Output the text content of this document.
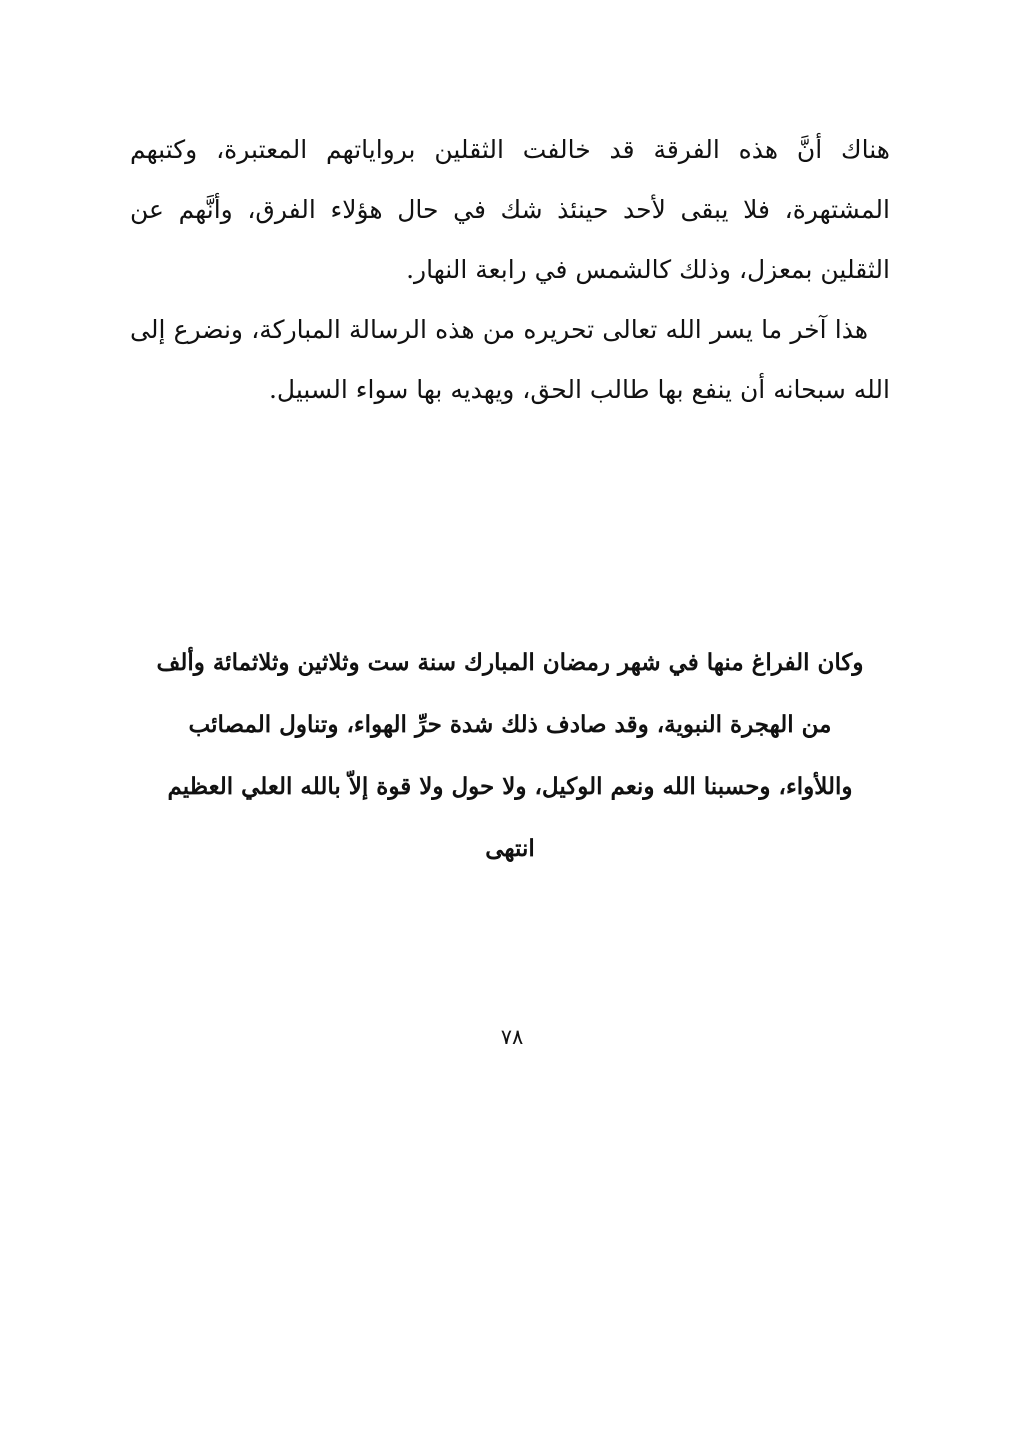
هناك أنَّ هذه الفرقة قد خالفت الثقلين برواياتهم المعتبرة، وكتبهم المشتهرة، فلا يبقى لأحد حينئذ شك في حال هؤلاء الفرق، وأنَّهم عن الثقلين بمعزل، وذلك كالشمس في رابعة النهار.

هذا آخر ما يسر الله تعالى تحريره من هذه الرسالة المباركة، ونضرع إلى الله سبحانه أن ينفع بها طالب الحق، ويهديه بها سواء السبيل.

وكان الفراغ منها في شهر رمضان المبارك سنة ست وثلاثين وثلاثمائة وألف من الهجرة النبوية، وقد صادف ذلك شدة حرِّ الهواء، وتناول المصائب واللأواء، وحسبنا الله ونعم الوكيل، ولا حول ولا قوة إلاّ بالله العلي العظيم

انتهى

٧٨
